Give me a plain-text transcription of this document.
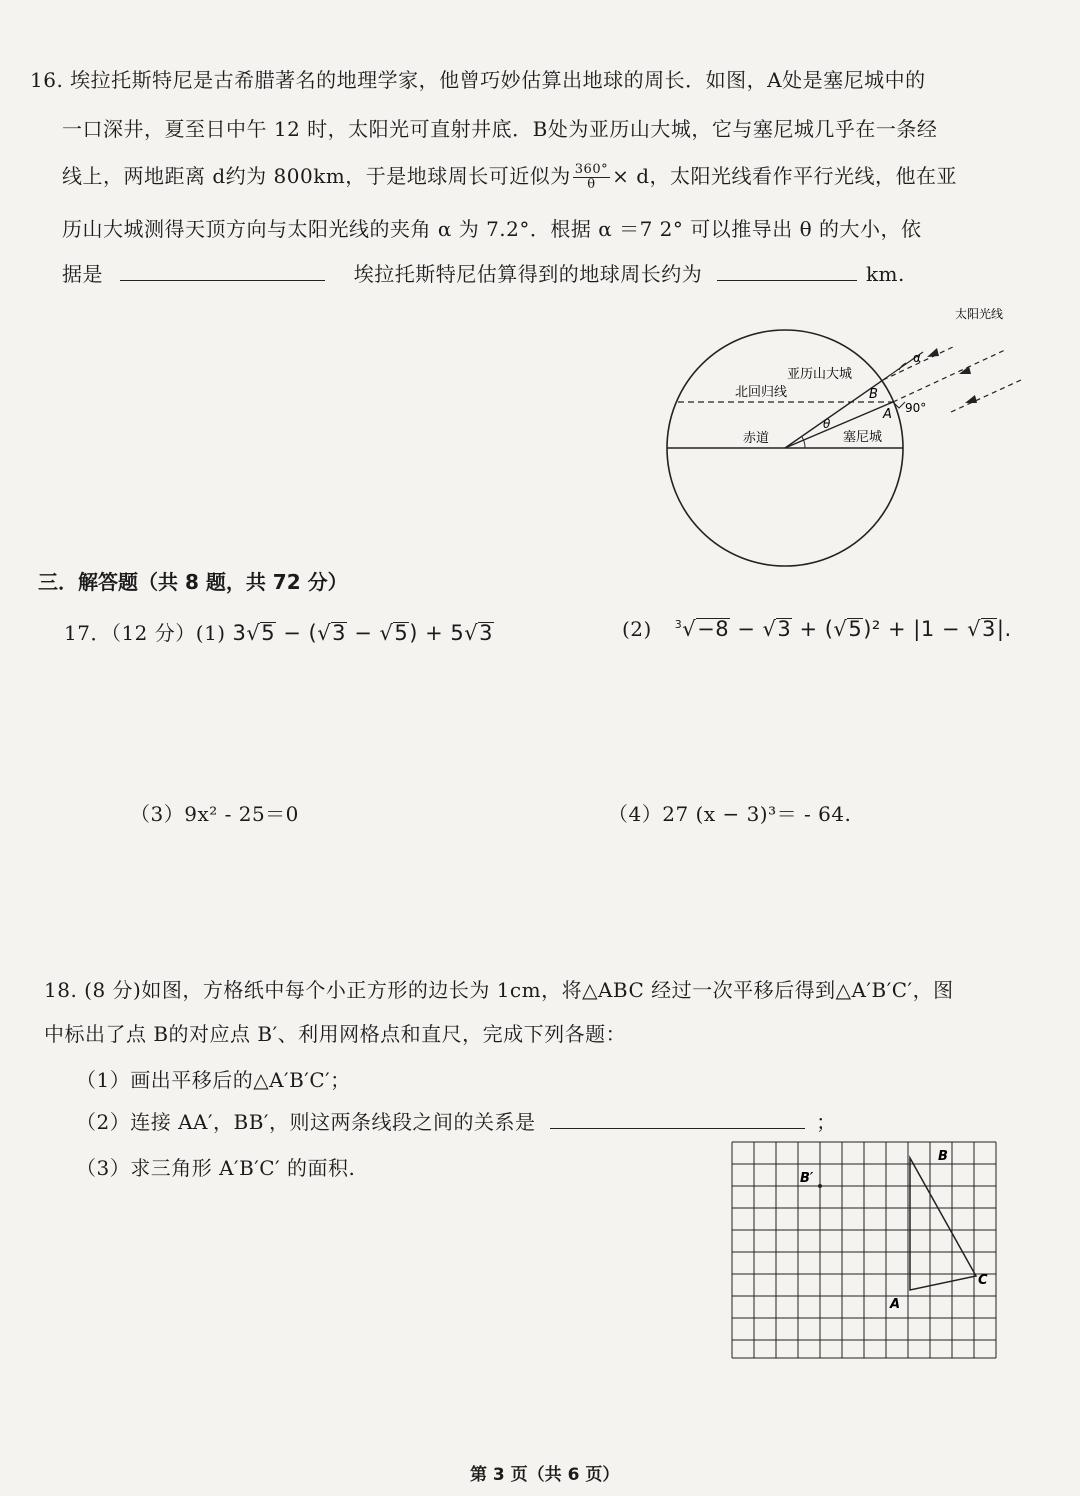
16. 埃拉托斯特尼是古希腊著名的地理学家，他曾巧妙估算出地球的周长．如图，A处是塞尼城中的
一口深井，夏至日中午 12 时，太阳光可直射井底．B处为亚历山大城，它与塞尼城几乎在一条经
线上，两地距离 d约为 800km，于是地球周长可近似为 $\frac{360^\circ}{\theta} \times d$，太阳光线看作平行光线，他在亚
历山大城测得天顶方向与太阳光线的夹角 α 为 7.2°．根据 α ＝7 2° 可以推导出 θ 的大小，依
据是	埃拉托斯特尼估算得到的地球周长约为	km.
太阳光线
亚历山大城
北回归线
赤道	塞尼城
B
A
α
θ
90°
三．解答题（共 8 题，共 72 分）
17．（12 分）(1) 3√5 − (√3 − √5) + 5√3	(2) $^3$√−8 − √3 + (√5)² + |1 − √3|.
（3）9x² - 25＝0	（4）27 (x − 3)³＝ - 64.
18. (8 分)如图，方格纸中每个小正方形的边长为 1cm，将△ABC 经过一次平移后得到△A′B′C′，图
中标出了点 B的对应点 B′、利用网格点和直尺，完成下列各题：
（1）画出平移后的△A′B′C′；
（2）连接 AA′，BB′，则这两条线段之间的关系是	；
（3）求三角形 A′B′C′ 的面积.	B
A
C
B′
第 3 页（共 6 页）
